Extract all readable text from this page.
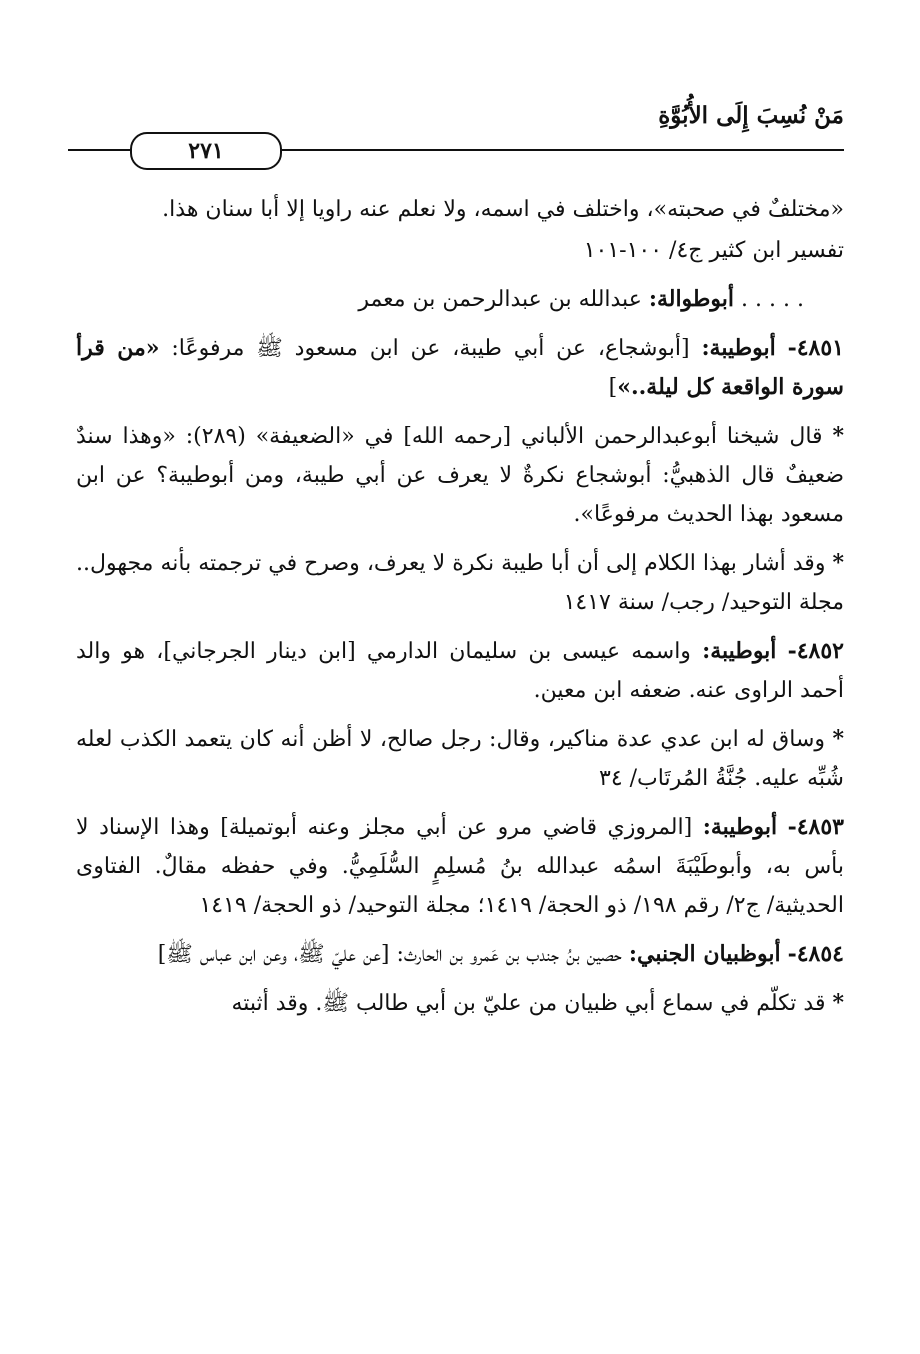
مَنْ نُسِبَ إِلَى الأُبُوَّةِ
٢٧١

«مختلفٌ في صحبته»، واختلف في اسمه، ولا نعلم عنه راويا إلا أبا سنان هذا.

تفسير ابن كثير ج٤/ ١٠٠-١٠١

. . . . . أبوطوالة: عبدالله بن عبدالرحمن بن معمر

٤٨٥١- أبوطيبة: [أبوشجاع، عن أبي طيبة، عن ابن مسعود ﷺ مرفوعًا: «من قرأ سورة الواقعة كل ليلة..»]

* قال شيخنا أبوعبدالرحمن الألباني [رحمه الله] في «الضعيفة» (٢٨٩): «وهذا سندٌ ضعيفٌ قال الذهبيُّ: أبوشجاع نكرةٌ لا يعرف عن أبي طيبة، ومن أبوطيبة؟ عن ابن مسعود بهذا الحديث مرفوعًا».

* وقد أشار بهذا الكلام إلى أن أبا طيبة نكرة لا يعرف، وصرح في ترجمته بأنه مجهول.. مجلة التوحيد/ رجب/ سنة ١٤١٧

٤٨٥٢- أبوطيبة: واسمه عيسى بن سليمان الدارمي [ابن دينار الجرجاني]، هو والد أحمد الراوى عنه. ضعفه ابن معين.

* وساق له ابن عدي عدة مناكير، وقال: رجل صالح، لا أظن أنه كان يتعمد الكذب لعله شُبِّه عليه. جُنَّةُ المُرتَاب/ ٣٤

٤٨٥٣- أبوطيبة: [المروزي قاضي مرو عن أبي مجلز وعنه أبوتميلة] وهذا الإسناد لا بأس به، وأبوطَيْبَةَ اسمُه عبدالله بنُ مُسلِمٍ السُّلَمِيُّ. وفي حفظه مقالٌ. الفتاوى الحديثية/ ج٢/ رقم ١٩٨/ ذو الحجة/ ١٤١٩؛ مجلة التوحيد/ ذو الحجة/ ١٤١٩

٤٨٥٤- أبوظبيان الجنبي: حصين بنُ جندب بن عَمرو بن الحارث: [عن عليّ ﷺ، وعن ابن عباس ﷺ]

* قد تكلّم في سماع أبي ظبيان من عليّ بن أبي طالب ﷺ. وقد أثبته
